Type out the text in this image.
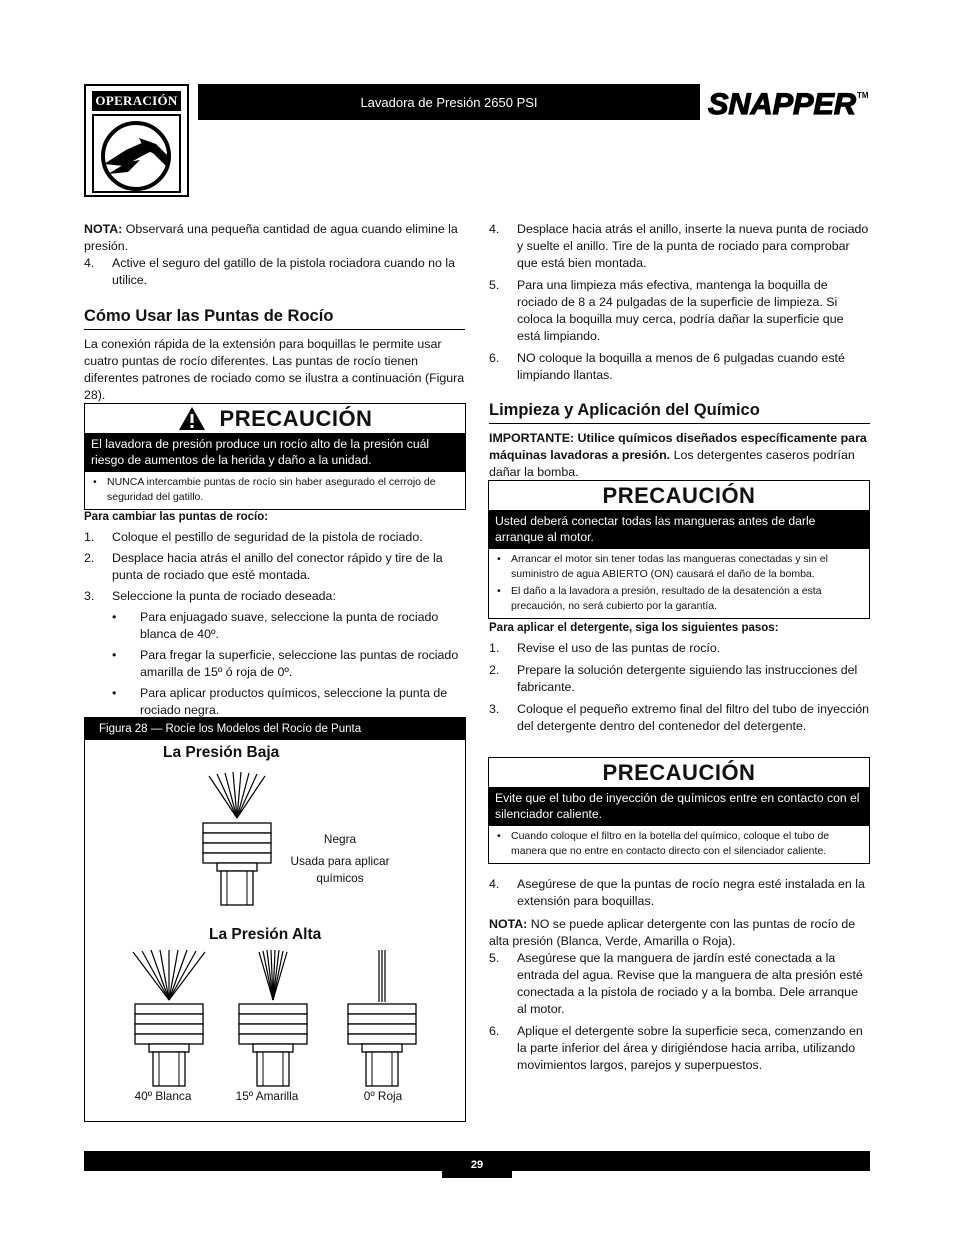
OPERACIÓN	Lavadora de Presión 2650 PSI	SNAPPER TM

NOTA: Observará una pequeña cantidad de agua cuando elimine la presión.

4.	Active el seguro del gatillo de la pistola rociadora cuando no la utilice.
Cómo Usar las Puntas de Rocío

La conexión rápida de la extensión para boquillas le permite usar cuatro puntas de rocío diferentes. Las puntas de rocío tienen diferentes patrones de rociado como se ilustra a continuación (Figura 28).

PRECAUCIÓN
El lavadora de presión produce un rocío alto de la presión cuál riesgo de aumentos de la herida y daño a la unidad.
• NUNCA intercambie puntas de rocío sin haber asegurado el cerrojo de seguridad del gatillo.
Para cambiar las puntas de rocío:
1.	Coloque el pestillo de seguridad de la pistola de rociado.
2.	Desplace hacia atrás el anillo del conector rápido y tire de la punta de rociado que esté montada.
3.	Seleccione la punta de rociado deseada:
•	Para enjuagado suave, seleccione la punta de rociado blanca de 40º.
•	Para fregar la superficie, seleccione las puntas de rociado amarilla de 15º ó roja de 0º.
•	Para aplicar productos químicos, seleccione la punta de rociado negra.
Figura 28 — Rocíe los Modelos del Rocío de Punta
La Presión Baja
La Presión Alta
Negra
Usada para aplicar químicos
40º Blanca	15º Amarilla	0º Roja
4.	Desplace hacia atrás el anillo, inserte la nueva punta de rociado y suelte el anillo. Tire de la punta de rociado para comprobar que está bien montada.
5.	Para una limpieza más efectiva, mantenga la boquilla de rociado de 8 a 24 pulgadas de la superficie de limpieza. Si coloca la boquilla muy cerca, podría dañar la superficie que está limpiando.
6.	NO coloque la boquilla a menos de 6 pulgadas cuando esté limpiando llantas.
Limpieza y Aplicación del Químico

IMPORTANTE: Utilice químicos diseñados específicamente para máquinas lavadoras a presión. Los detergentes caseros podrían dañar la bomba.

PRECAUCIÓN
Usted deberá conectar todas las mangueras antes de darle arranque al motor.
• Arrancar el motor sin tener todas las mangueras conectadas y sin el suministro de agua ABIERTO (ON) causará el daño de la bomba.
• El daño a la lavadora a presión, resultado de la desatención a esta precaución, no será cubierto por la garantía.
Para aplicar el detergente, siga los siguientes pasos:
1.	Revise el uso de las puntas de rocío.
2.	Prepare la solución detergente siguiendo las instrucciones del fabricante.
3.	Coloque el pequeño extremo final del filtro del tubo de inyección del detergente dentro del contenedor del detergente.
PRECAUCIÓN
Evite que el tubo de inyección de químicos entre en contacto con el silenciador caliente.
• Cuando coloque el filtro en la botella del químico, coloque el tubo de manera que no entre en contacto directo con el silenciador caliente.
4.	Asegúrese de que la puntas de rocío negra esté instalada en la extensión para boquillas.

NOTA: NO se puede aplicar detergente con las puntas de rocío de alta presión (Blanca, Verde, Amarilla o Roja).

5.	Asegúrese que la manguera de jardín esté conectada a la entrada del agua. Revise que la manguera de alta presión esté conectada a la pistola de rociado y a la bomba. Dele arranque al motor.
6.	Aplique el detergente sobre la superficie seca, comenzando en la parte inferior del área y dirigiéndose hacia arriba, utilizando movimientos largos, parejos y superpuestos.
29
